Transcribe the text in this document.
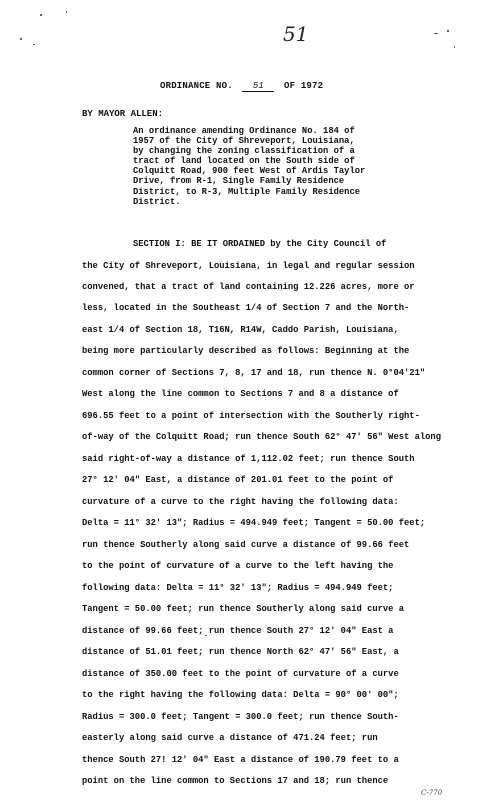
51
ORDINANCE NO. 51 OF 1972
BY MAYOR ALLEN:
An ordinance amending Ordinance No. 184 of
1957 of the City of Shreveport, Louisiana,
by changing the zoning classification of a
tract of land located on the South side of
Colquitt Road, 900 feet West of Ardis Taylor
Drive, from R-1, Single Family Residence
District, to R-3, Multiple Family Residence
District.
SECTION I: BE IT ORDAINED by the City Council of
the City of Shreveport, Louisiana, in legal and regular session
convened, that a tract of land containing 12.226 acres, more or
less, located in the Southeast 1/4 of Section 7 and the North-
east 1/4 of Section 18, T16N, R14W, Caddo Parish, Louisiana,
being more particularly described as follows: Beginning at the
common corner of Sections 7, 8, 17 and 18, run thence N. 0°04'21"
West along the line common to Sections 7 and 8 a distance of
696.55 feet to a point of intersection with the Southerly right-
of-way of the Colquitt Road; run thence South 62° 47' 56" West along
said right-of-way a distance of 1,112.02 feet; run thence South
27° 12' 04" East, a distance of 201.01 feet to the point of
curvature of a curve to the right having the following data:
Delta = 11° 32' 13"; Radius = 494.949 feet; Tangent = 50.00 feet;
run thence Southerly along said curve a distance of 99.66 feet
to the point of curvature of a curve to the left having the
following data: Delta = 11° 32' 13"; Radius = 494.949 feet;
Tangent = 50.00 feet; run thence Southerly along said curve a
distance of 99.66 feet; run thence South 27° 12' 04" East a
distance of 51.01 feet; run thence North 62° 47' 56" East, a
distance of 350.00 feet to the point of curvature of a curve
to the right having the following data: Delta = 90° 00' 00";
Radius = 300.0 feet; Tangent = 300.0 feet; run thence South-
easterly along said curve a distance of 471.24 feet; run
thence South 27! 12' 04" East a distance of 190.79 feet to a
point on the line common to Sections 17 and 18; run thence
C-770
